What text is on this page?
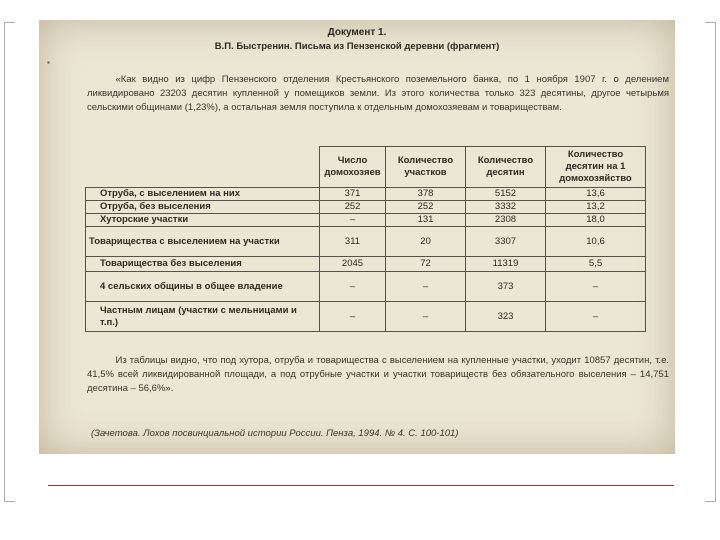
▪
Документ 1.
В.П. Быстренин. Письма из Пензенской деревни (фрагмент)
«Как видно из цифр Пензенского отделения Крестьянского поземельного банка, по 1 ноября 1907 г. о делением ликвидировано 23203 десятин купленной у помещиков земли. Из этого количества только 323 десятины, другое четырьмя сельскими общинами (1,23%), а остальная земля поступила к отдельным домохозяевам и товариществам.
	Число домохозяев	Количество участков	Количество десятин	Количество десятин на 1 домохозяйство
Отруба, с выселением на них	371	378	5152	13,6
Отруба, без выселения	252	252	3332	13,2
Хуторские участки	–	131	2308	18,0
Товарищества с выселением на участки	311	20	3307	10,6
Товарищества без выселения	2045	72	11319	5,5
4 сельских общины в общее владение	–	–	373	–
Частным лицам (участки с мельницами и т.п.)	–	–	323	–
Из таблицы видно, что под хутора, отруба и товарищества с выселением на купленные участки, уходит 10857 десятин, т.е. 41,5% всей ликвидированной площади, а под отрубные участки и участки товариществ без обязательного выселения – 14,751 десятина – 56,6%».
(Зачетова. Лохов посвинциальной истории России. Пенза, 1994. № 4. С. 100-101)
